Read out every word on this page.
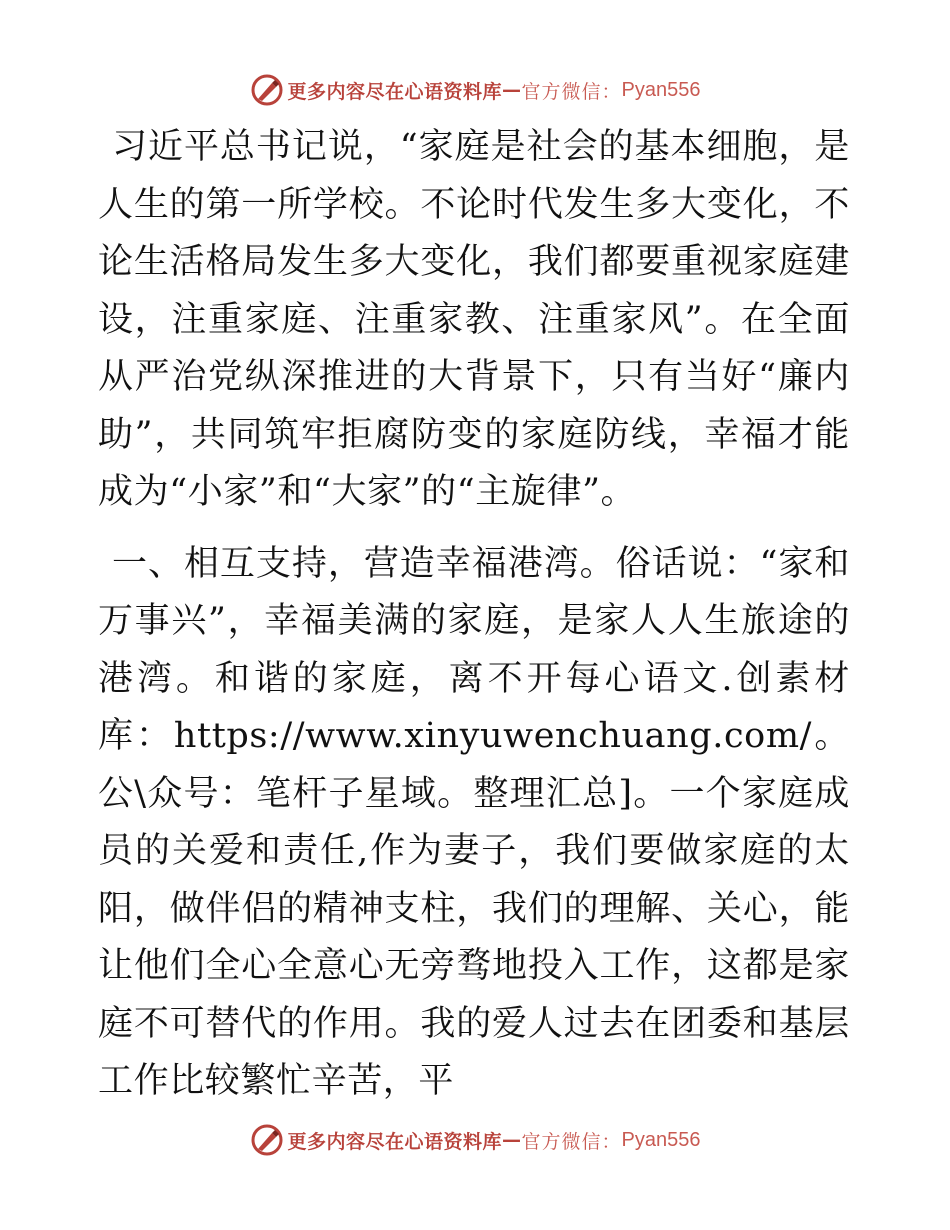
更多内容尽在心语资料库 — 官方微信： Pyan556

习近平总书记说，“家庭是社会的基本细胞，是人生的第一所学校。不论时代发生多大变化，不论生活格局发生多大变化，我们都要重视家庭建设，注重家庭、注重家教、注重家风”。在全面从严治党纵深推进的大背景下，只有当好“廉内助”，共同筑牢拒腐防变的家庭防线，幸福才能成为“小家”和“大家”的“主旋律”。

一、相互支持，营造幸福港湾。俗话说：“家和万事兴”，幸福美满的家庭，是家人人生旅途的港湾。和谐的家庭，离不开每心语文.创素材库：https://www.xinyuwenchuang.com/。公\众号：笔杆子星域。整理汇总]。一个家庭成员的关爱和责任,作为妻子，我们要做家庭的太阳，做伴侣的精神支柱，我们的理解、关心，能让他们全心全意心无旁骛地投入工作，这都是家庭不可替代的作用。我的爱人过去在团委和基层工作比较繁忙辛苦，平

更多内容尽在心语资料库 — 官方微信： Pyan556
